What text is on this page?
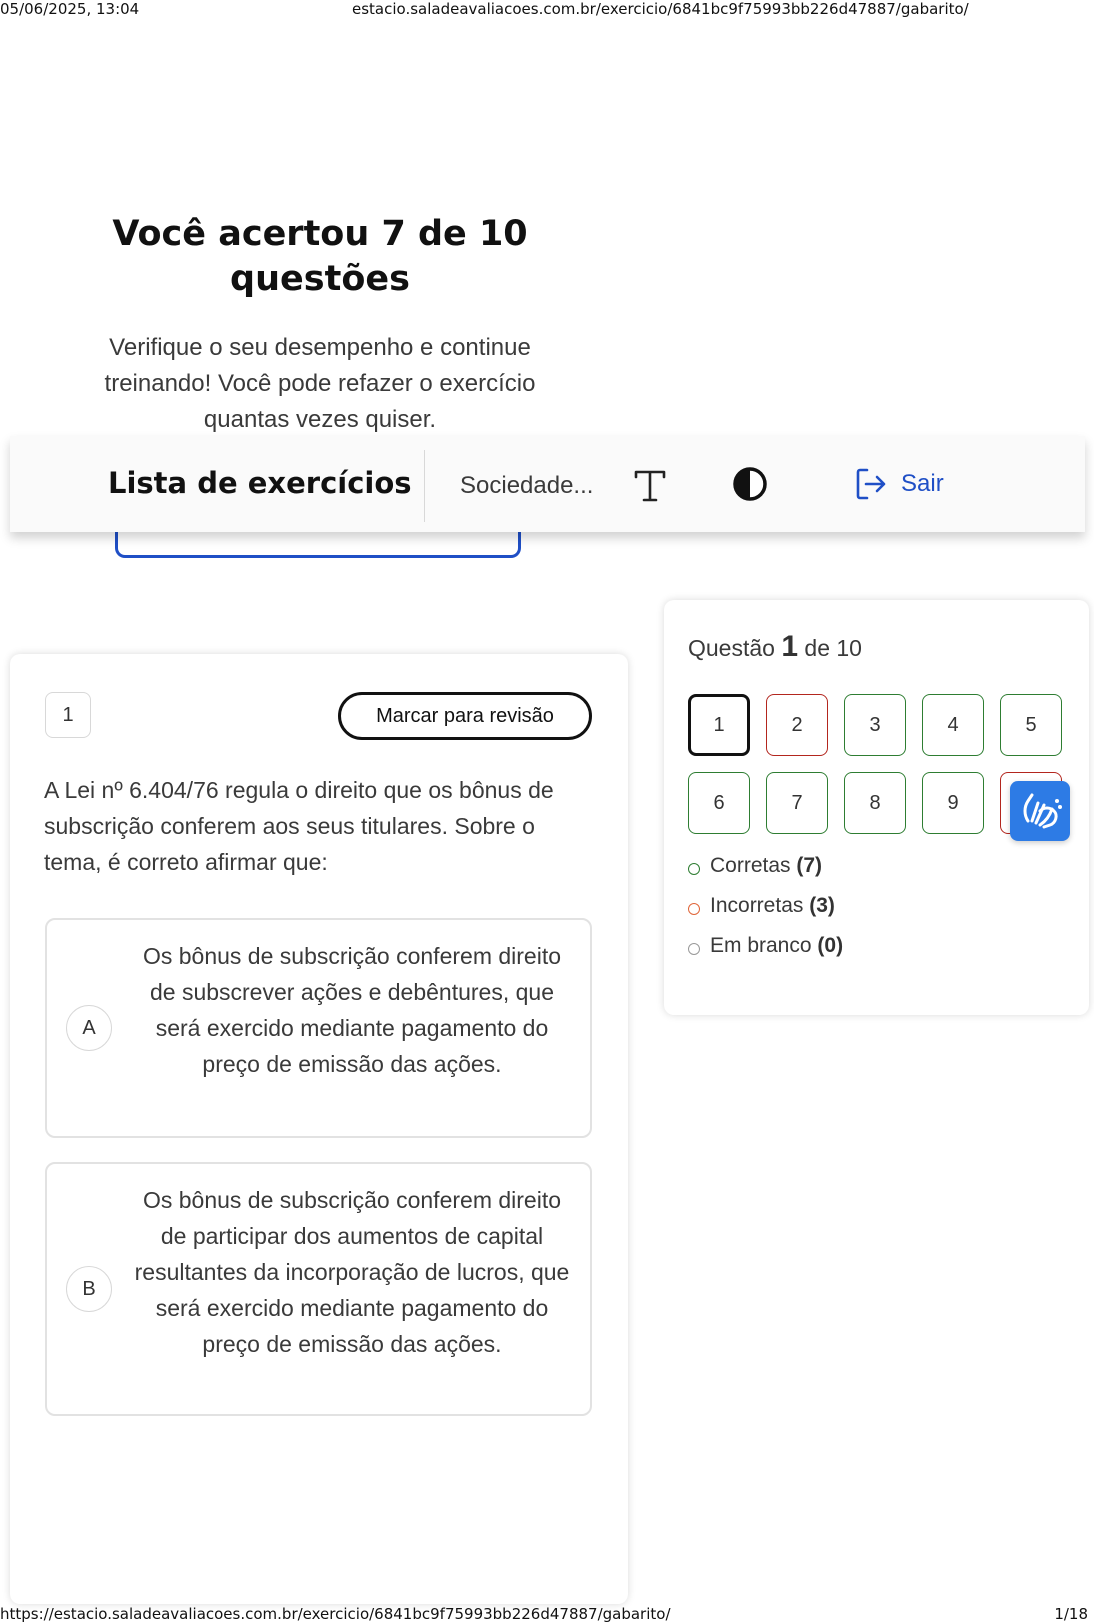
05/06/2025, 13:04	estacio.saladeavaliacoes.com.br/exercicio/6841bc9f75993bb226d47887/gabarito/
Você acertou 7 de 10 questões

Verifique o seu desempenho e continue treinando! Você pode refazer o exercício quantas vezes quiser.

Lista de exercícios Sociedade...	Sair
1	Marcar para revisão

A Lei nº 6.404/76 regula o direito que os bônus de subscrição conferem aos seus titulares. Sobre o tema, é correto afirmar que:

A

Os bônus de subscrição conferem direito de subscrever ações e debêntures, que será exercido mediante pagamento do preço de emissão das ações.

B

Os bônus de subscrição conferem direito de participar dos aumentos de capital resultantes da incorporação de lucros, que será exercido mediante pagamento do preço de emissão das ações.

Questão 1 de 10
1	2	3	4	5
6	7	8	9
Corretas (7)
Incorretas (3)
Em branco (0)
https://estacio.saladeavaliacoes.com.br/exercicio/6841bc9f75993bb226d47887/gabarito/	1/18
